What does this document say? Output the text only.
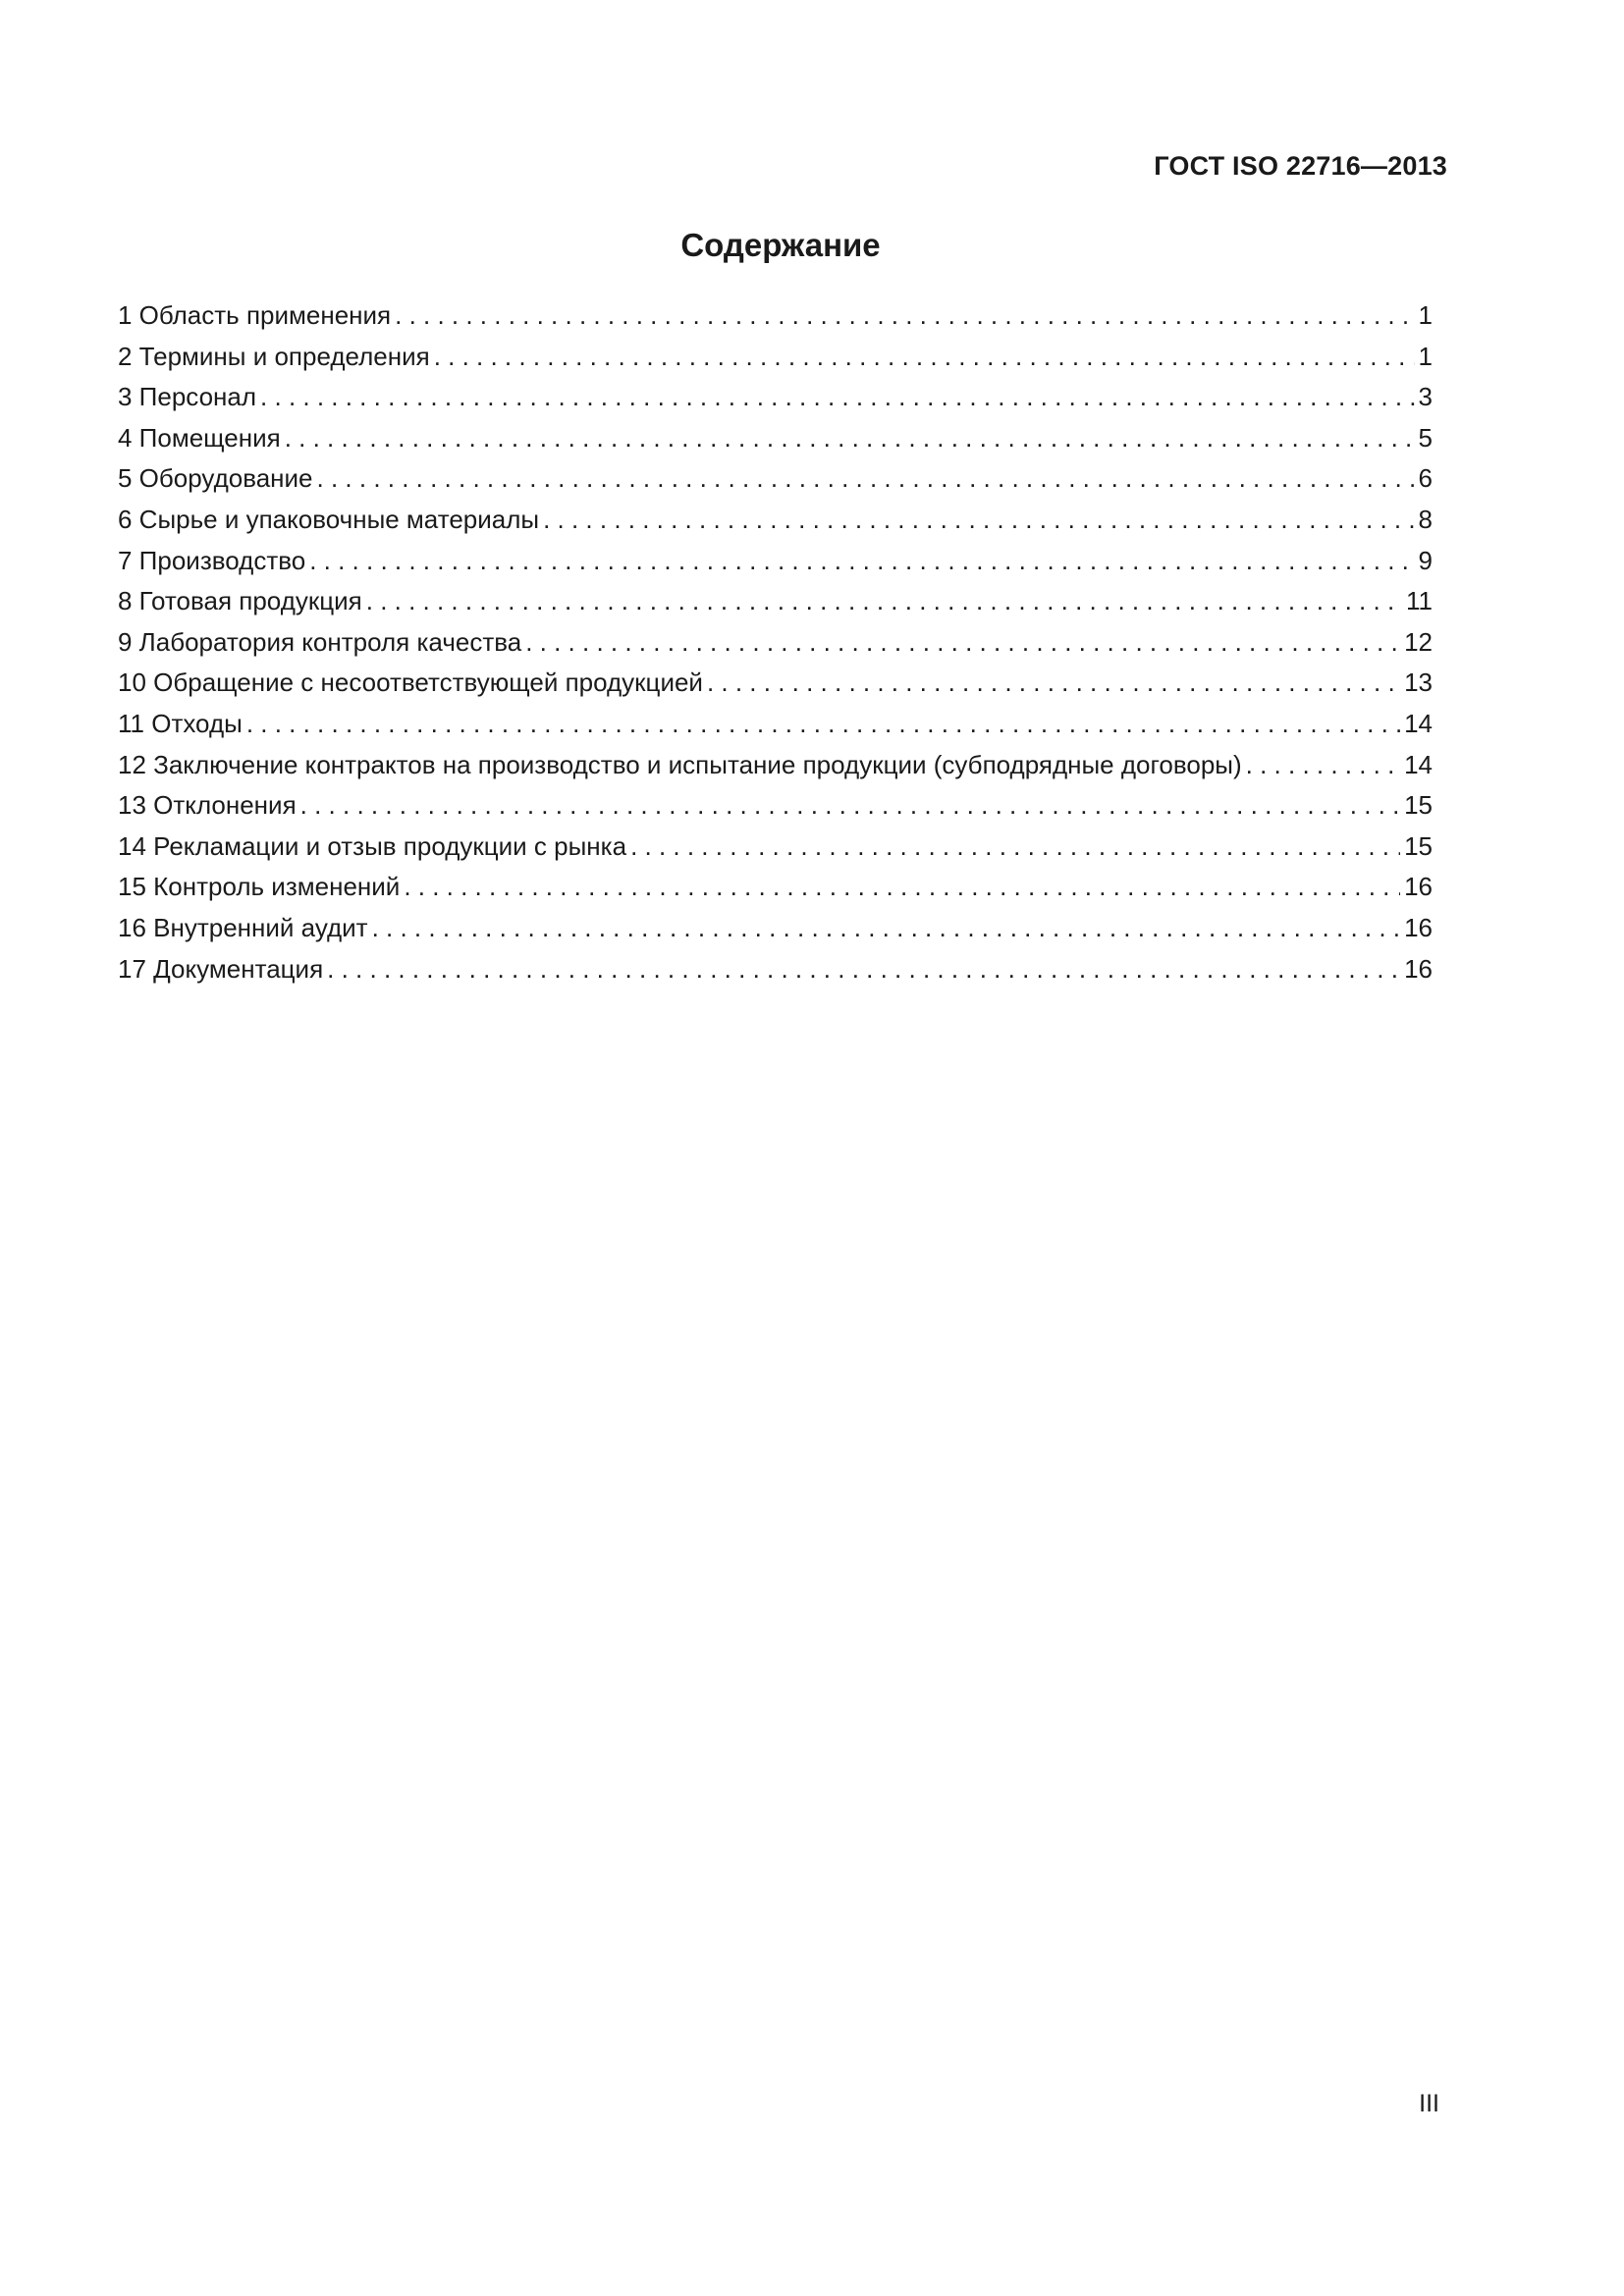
ГОСТ ISO 22716—2013
Содержание
1 Область применения . . .	1
2 Термины и определения . . .	1
3 Персонал . . .	3
4 Помещения . . .	5
5 Оборудование . . .	6
6 Сырье и упаковочные материалы . . .	8
7 Производство . . .	9
8 Готовая продукция . . .	11
9 Лаборатория контроля качества . . .	12
10 Обращение с несоответствующей продукцией . . .	13
11 Отходы . . .	14
12 Заключение контрактов на производство и испытание продукции (субподрядные договоры) . . .	14
13 Отклонения . . .	15
14 Рекламации и отзыв продукции с рынка . . .	15
15 Контроль изменений . . .	16
16 Внутренний аудит . . .	16
17 Документация . . .	16
III
